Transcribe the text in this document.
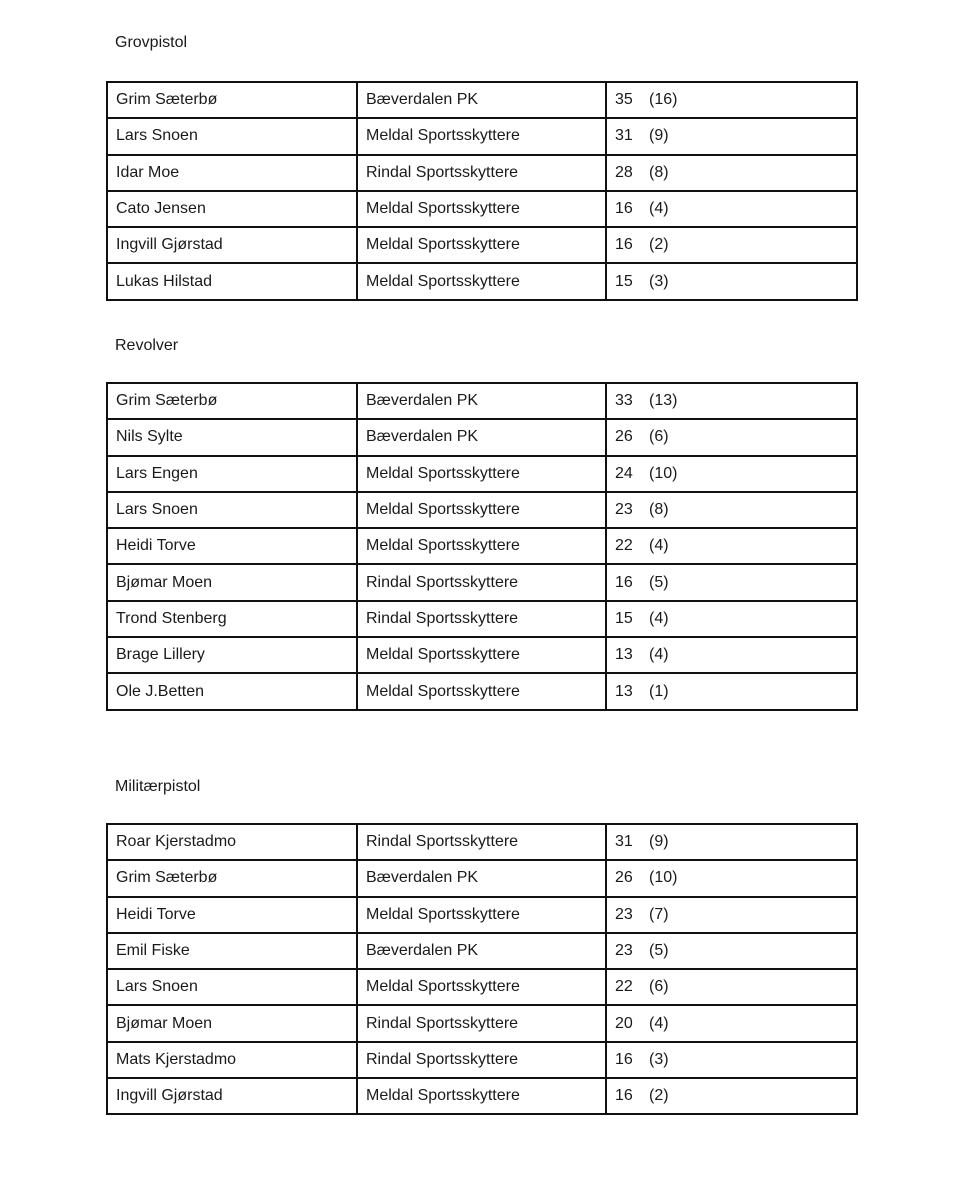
Grovpistol
Grim Sæterbø	Bæverdalen PK	35 (16)
Lars Snoen	Meldal Sportsskyttere	31 (9)
Idar Moe	Rindal Sportsskyttere	28 (8)
Cato Jensen	Meldal Sportsskyttere	16 (4)
Ingvill Gjørstad	Meldal Sportsskyttere	16 (2)
Lukas Hilstad	Meldal Sportsskyttere	15 (3)
Revolver
Grim Sæterbø	Bæverdalen PK	33 (13)
Nils Sylte	Bæverdalen PK	26 (6)
Lars Engen	Meldal Sportsskyttere	24 (10)
Lars Snoen	Meldal Sportsskyttere	23 (8)
Heidi Torve	Meldal Sportsskyttere	22 (4)
Bjømar Moen	Rindal Sportsskyttere	16 (5)
Trond Stenberg	Rindal Sportsskyttere	15 (4)
Brage Lillery	Meldal Sportsskyttere	13 (4)
Ole J.Betten	Meldal Sportsskyttere	13 (1)
Militærpistol
Roar Kjerstadmo	Rindal Sportsskyttere	31 (9)
Grim Sæterbø	Bæverdalen PK	26 (10)
Heidi Torve	Meldal Sportsskyttere	23 (7)
Emil Fiske	Bæverdalen PK	23 (5)
Lars Snoen	Meldal Sportsskyttere	22 (6)
Bjømar Moen	Rindal Sportsskyttere	20 (4)
Mats Kjerstadmo	Rindal Sportsskyttere	16 (3)
Ingvill Gjørstad	Meldal Sportsskyttere	16 (2)
